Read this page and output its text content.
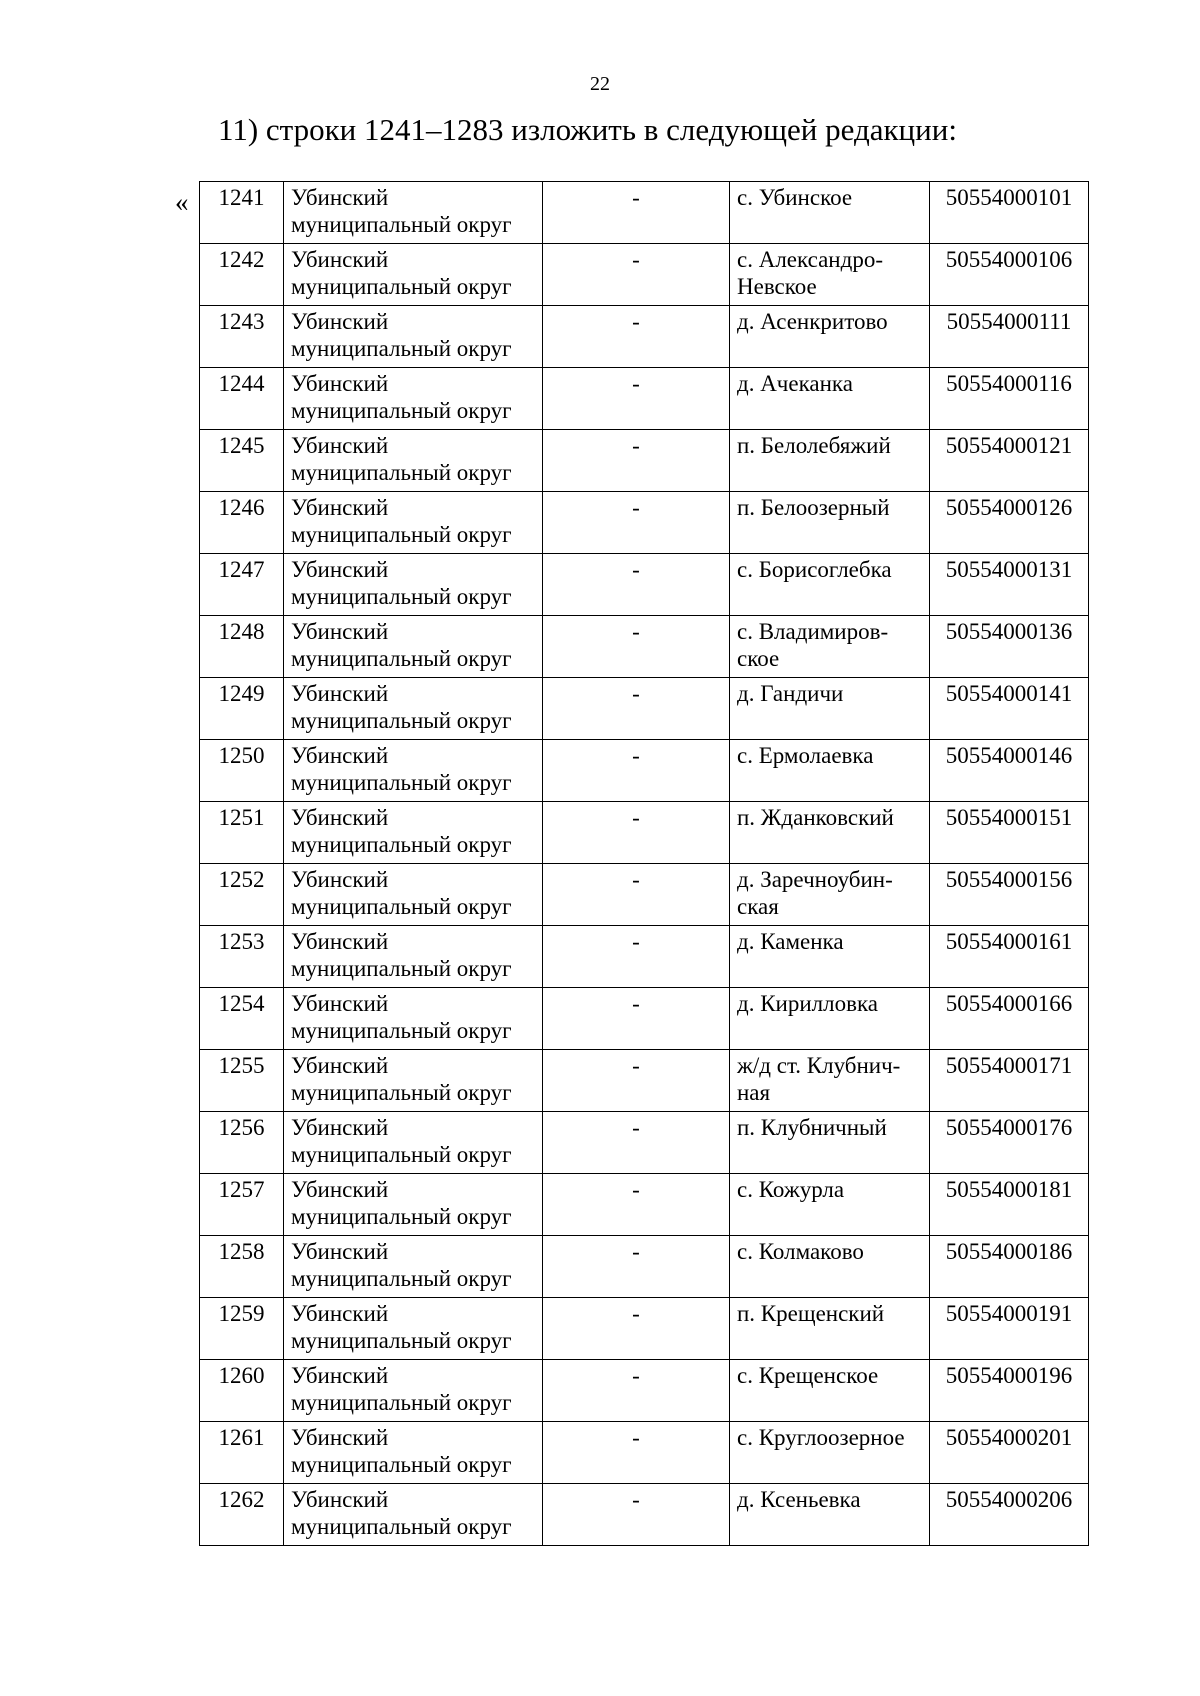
22
11) строки 1241–1283 изложить в следующей редакции:
« 1241	Убинский муниципальный округ	-	с. Убинское	50554000101
1242	Убинский муниципальный округ	-	с. Александро-Невское	50554000106
1243	Убинский муниципальный округ	-	д. Асенкритово	50554000111
1244	Убинский муниципальный округ	-	д. Ачеканка	50554000116
1245	Убинский муниципальный округ	-	п. Белолебяжий	50554000121
1246	Убинский муниципальный округ	-	п. Белоозерный	50554000126
1247	Убинский муниципальный округ	-	с. Борисоглебка	50554000131
1248	Убинский муниципальный округ	-	с. Владимиров-ское	50554000136
1249	Убинский муниципальный округ	-	д. Гандичи	50554000141
1250	Убинский муниципальный округ	-	с. Ермолаевка	50554000146
1251	Убинский муниципальный округ	-	п. Жданковский	50554000151
1252	Убинский муниципальный округ	-	д. Заречноубин-ская	50554000156
1253	Убинский муниципальный округ	-	д. Каменка	50554000161
1254	Убинский муниципальный округ	-	д. Кирилловка	50554000166
1255	Убинский муниципальный округ	-	ж/д ст. Клубнич-ная	50554000171
1256	Убинский муниципальный округ	-	п. Клубничный	50554000176
1257	Убинский муниципальный округ	-	с. Кожурла	50554000181
1258	Убинский муниципальный округ	-	с. Колмаково	50554000186
1259	Убинский муниципальный округ	-	п. Крещенский	50554000191
1260	Убинский муниципальный округ	-	с. Крещенское	50554000196
1261	Убинский муниципальный округ	-	с. Круглоозерное	50554000201
1262	Убинский муниципальный округ	-	д. Ксеньевка	50554000206
